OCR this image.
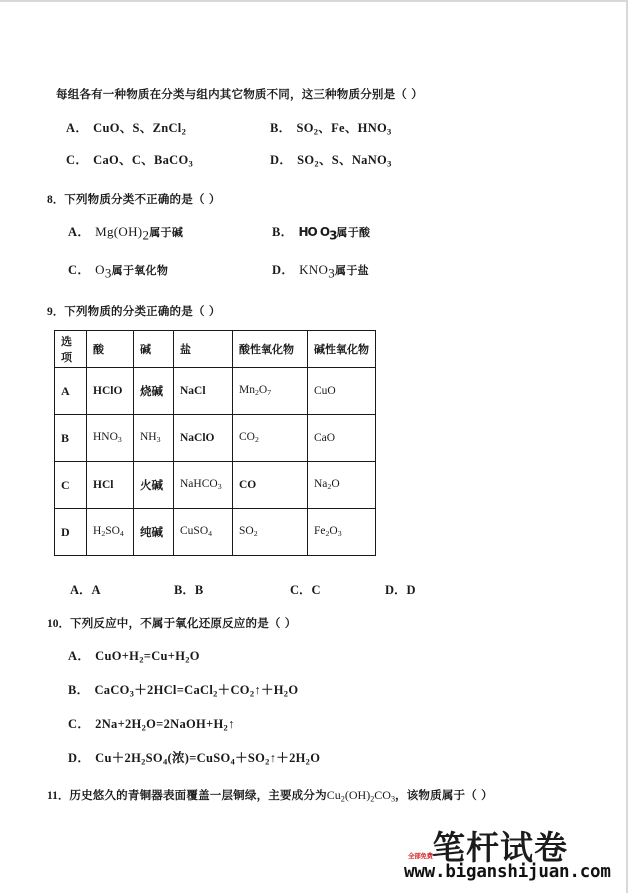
每组各有一种物质在分类与组内其它物质不同，这三种物质分别是（ ）
A． CuO、S、ZnCl$_2$	B． $SO_2$、Fe、$HNO_3$
C． CaO、C、BaCO$_3$	D． $SO_2$、S、NaNO$_3$
8．下列物质分类不正确的是（ ）
A． $Mg(OH)_2$属于碱	B． HΟ $O_3$属于酸
C． $O_3$属于氧化物	D． $KNO_3$属于盐
9．下列物质的分类正确的是（ ）
选项	酸	碱	盐	酸性氧化物	碱性氧化物
A	HClO	烧碱	NaCl	$Mn_2O_7$	CuO
B	$HNO_3$	$NH_3$	NaClO	$CO_2$	CaO
C	HCl	火碱	NaHCO$_3$	CO	$Na_2O$
D	$H_2SO_4$	纯碱	CuSO$_4$	$SO_2$	$Fe_2O_3$
A．A	B．B	C．C	D．D
10．下列反应中，不属于氧化还原反应的是（ ）
A． $CuO+H_2=Cu+H_2O$
B． $CaCO_3+2HCl=CaCl_2+CO_2↑+H_2O$
C． $2Na+2H_2O=2NaOH+H_2↑$
D． $Cu+2H_2SO_4$(浓)$=CuSO_4+SO_2↑+2H_2O$
11．历史悠久的青铜器表面覆盖一层铜绿，主要成分为$Cu_2(OH)_2CO_3$，该物质属于（ ）
全部免费 笔杆试卷
www.biganshijuan.com
